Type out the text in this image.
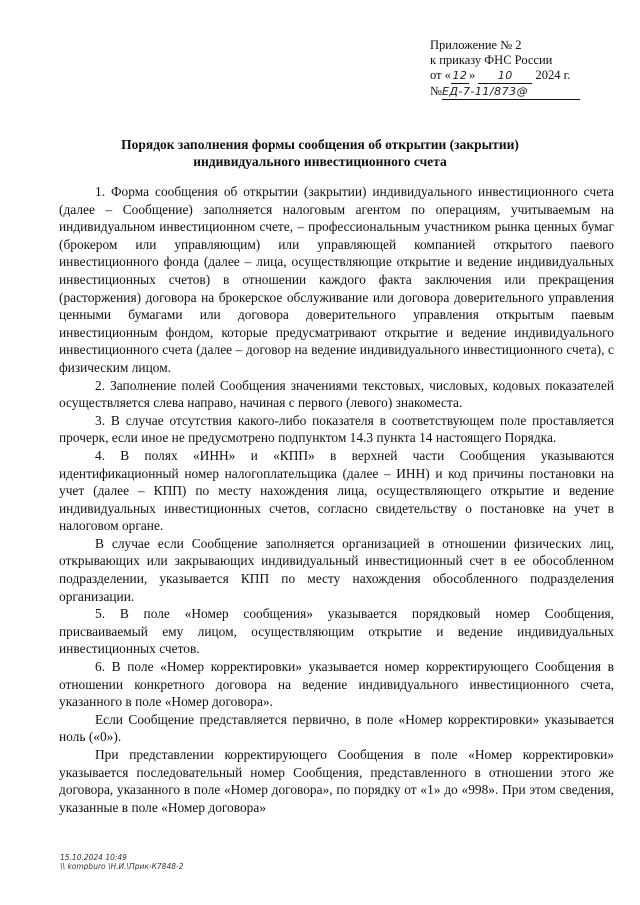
Приложение № 2
к приказу ФНС России
от « 12 » 10 2024 г.
№ЕД-7-11/873@
Порядок заполнения формы сообщения об открытии (закрытии)
индивидуального инвестиционного счета

1. Форма сообщения об открытии (закрытии) индивидуального инвестиционного счета (далее – Сообщение) заполняется налоговым агентом по операциям, учитываемым на индивидуальном инвестиционном счете, – профессиональным участником рынка ценных бумаг (брокером или управляющим) или управляющей компанией открытого паевого инвестиционного фонда (далее – лица, осуществляющие открытие и ведение индивидуальных инвестиционных счетов) в отношении каждого факта заключения или прекращения (расторжения) договора на брокерское обслуживание или договора доверительного управления ценными бумагами или договора доверительного управления открытым паевым инвестиционным фондом, которые предусматривают открытие и ведение индивидуального инвестиционного счета (далее – договор на ведение индивидуального инвестиционного счета), с физическим лицом.

2. Заполнение полей Сообщения значениями текстовых, числовых, кодовых показателей осуществляется слева направо, начиная с первого (левого) знакоместа.

3. В случае отсутствия какого-либо показателя в соответствующем поле проставляется прочерк, если иное не предусмотрено подпунктом 14.3 пункта 14 настоящего Порядка.

4. В полях «ИНН» и «КПП» в верхней части Сообщения указываются идентификационный номер налогоплательщика (далее – ИНН) и код причины постановки на учет (далее – КПП) по месту нахождения лица, осуществляющего открытие и ведение индивидуальных инвестиционных счетов, согласно свидетельству о постановке на учет в налоговом органе.

В случае если Сообщение заполняется организацией в отношении физических лиц, открывающих или закрывающих индивидуальный инвестиционный счет в ее обособленном подразделении, указывается КПП по месту нахождения обособленного подразделения организации.

5. В поле «Номер сообщения» указывается порядковый номер Сообщения, присваиваемый ему лицом, осуществляющим открытие и ведение индивидуальных инвестиционных счетов.

6. В поле «Номер корректировки» указывается номер корректирующего Сообщения в отношении конкретного договора на ведение индивидуального инвестиционного счета, указанного в поле «Номер договора».

Если Сообщение представляется первично, в поле «Номер корректировки» указывается ноль («0»).

При представлении корректирующего Сообщения в поле «Номер корректировки» указывается последовательный номер Сообщения, представленного в отношении этого же договора, указанного в поле «Номер договора», по порядку от «1» до «998». При этом сведения, указанные в поле «Номер договора»

15.10.2024 10:49
\\ kompburo \Н.И.\Прик-К7848-2
